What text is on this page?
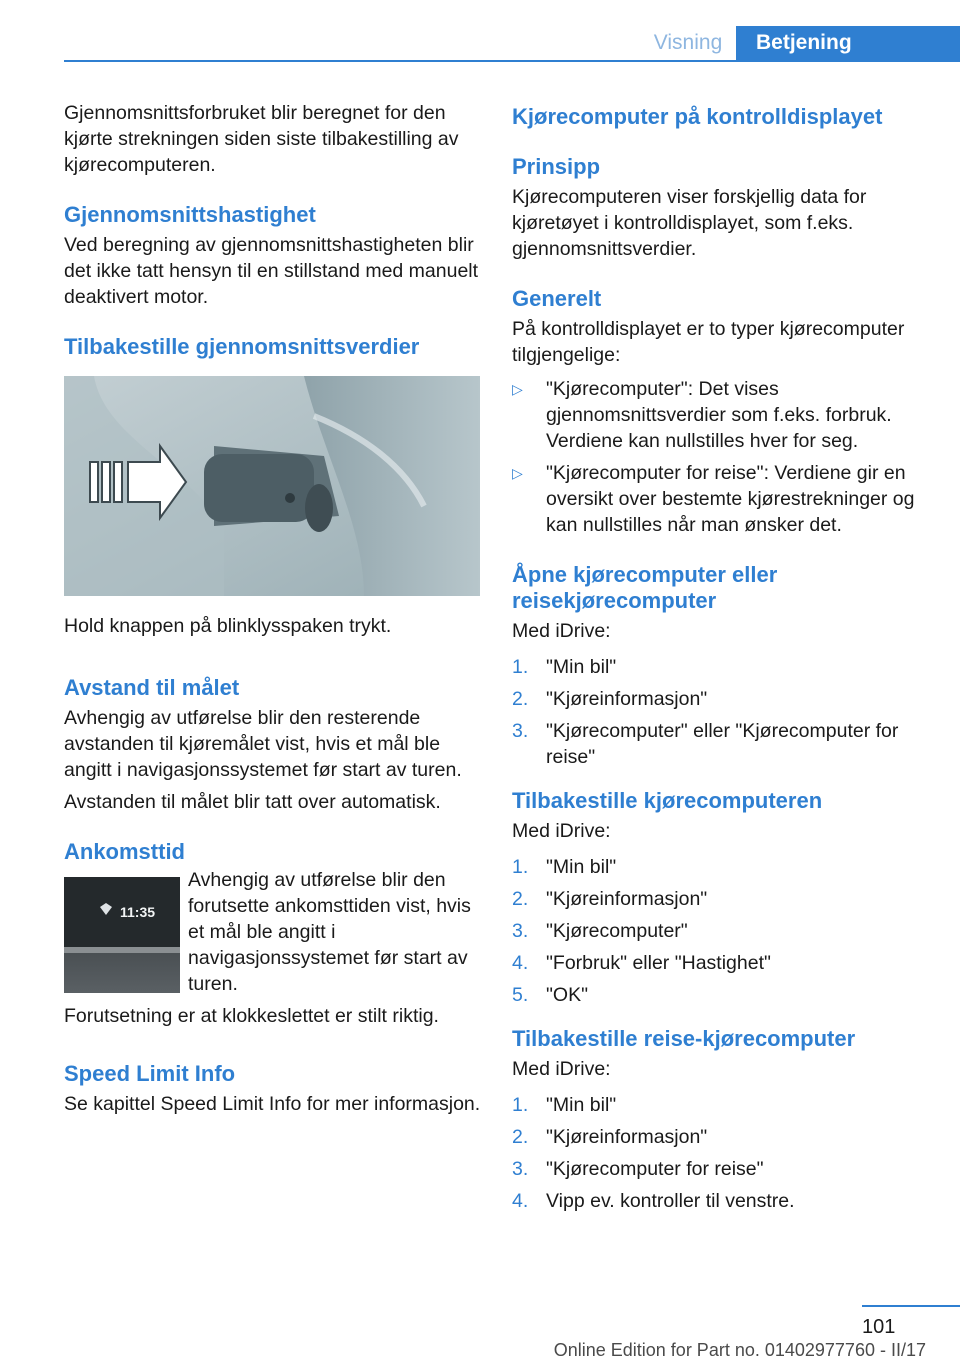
Visning	Betjening

Gjennomsnittsforbruket blir beregnet for den kjørte strekningen siden siste tilbakestilling av kjørecomputeren.

Gjennomsnittshastighet

Ved beregning av gjennomsnittshastigheten blir det ikke tatt hensyn til en stillstand med manuelt deaktivert motor.

Tilbakestille gjennomsnittsverdier

Hold knappen på blinklysspaken trykt.

Avstand til målet

Avhengig av utførelse blir den resterende avstanden til kjøremålet vist, hvis et mål ble angitt i navigasjonssystemet før start av turen.

Avstanden til målet blir tatt over automatisk.

Ankomsttid
11:35

Avhengig av utførelse blir den forutsette ankomsttiden vist, hvis et mål ble angitt i navigasjonssystemet før start av turen.

Forutsetning er at klokkeslettet er stilt riktig.

Speed Limit Info

Se kapittel Speed Limit Info for mer informasjon.

Kjørecomputer på kontrolldisplayet
Prinsipp

Kjørecomputeren viser forskjellig data for kjøretøyet i kontrolldisplayet, som f.eks. gjennomsnittsverdier.

Generelt

På kontrolldisplayet er to typer kjørecomputer tilgjengelige:

▷ "Kjørecomputer": Det vises gjennomsnittsverdier som f.eks. forbruk. Verdiene kan nullstilles hver for seg.
▷ "Kjørecomputer for reise": Verdiene gir en oversikt over bestemte kjørestrekninger og kan nullstilles når man ønsker det.
Åpne kjørecomputer eller reisekjørecomputer

Med iDrive:

1. "Min bil"
2. "Kjøreinformasjon"
3. "Kjørecomputer" eller "Kjørecomputer for reise"
Tilbakestille kjørecomputeren

Med iDrive:

1. "Min bil"
2. "Kjøreinformasjon"
3. "Kjørecomputer"
4. "Forbruk" eller "Hastighet"
5. "OK"
Tilbakestille reise-kjørecomputer

Med iDrive:

1. "Min bil"
2. "Kjøreinformasjon"
3. "Kjørecomputer for reise"
4. Vipp ev. kontroller til venstre.
101
Online Edition for Part no. 01402977760 - II/17
